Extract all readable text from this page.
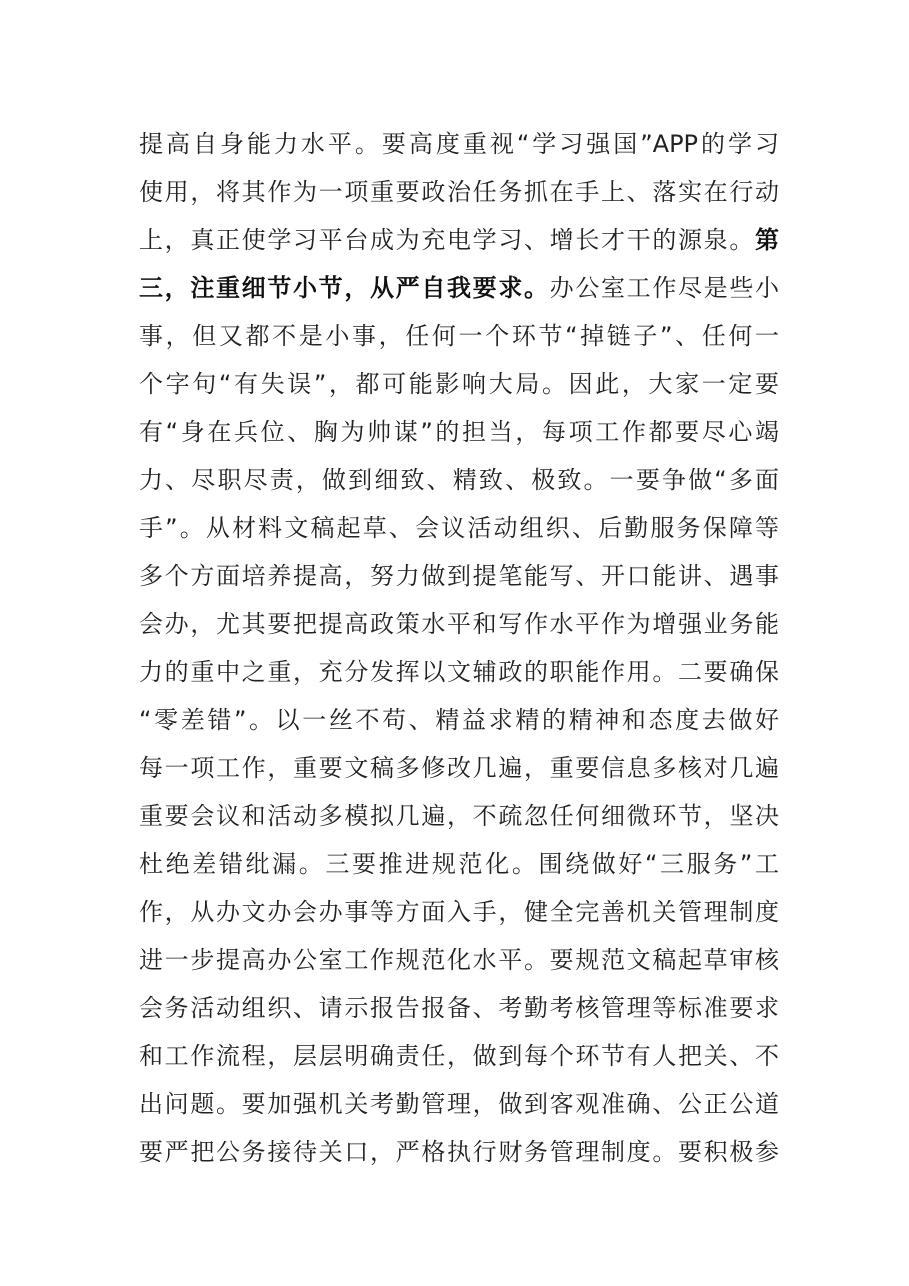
提高自身能力水平。要高度重视“学习强国”APP的学习
使用，将其作为一项重要政治任务抓在手上、落实在行动
上，真正使学习平台成为充电学习、增长才干的源泉。第
三，注重细节小节，从严自我要求。办公室工作尽是些小
事，但又都不是小事，任何一个环节“掉链子”、任何一
个字句“有失误”，都可能影响大局。因此，大家一定要
有“身在兵位、胸为帅谋”的担当，每项工作都要尽心竭
力、尽职尽责，做到细致、精致、极致。一要争做“多面
手”。从材料文稿起草、会议活动组织、后勤服务保障等
多个方面培养提高，努力做到提笔能写、开口能讲、遇事
会办，尤其要把提高政策水平和写作水平作为增强业务能
力的重中之重，充分发挥以文辅政的职能作用。二要确保
“零差错”。以一丝不苟、精益求精的精神和态度去做好
每一项工作，重要文稿多修改几遍，重要信息多核对几遍
重要会议和活动多模拟几遍，不疏忽任何细微环节，坚决
杜绝差错纰漏。三要推进规范化。围绕做好“三服务”工
作，从办文办会办事等方面入手，健全完善机关管理制度
进一步提高办公室工作规范化水平。要规范文稿起草审核
会务活动组织、请示报告报备、考勤考核管理等标准要求
和工作流程，层层明确责任，做到每个环节有人把关、不
出问题。要加强机关考勤管理，做到客观准确、公正公道
要严把公务接待关口，严格执行财务管理制度。要积极参
